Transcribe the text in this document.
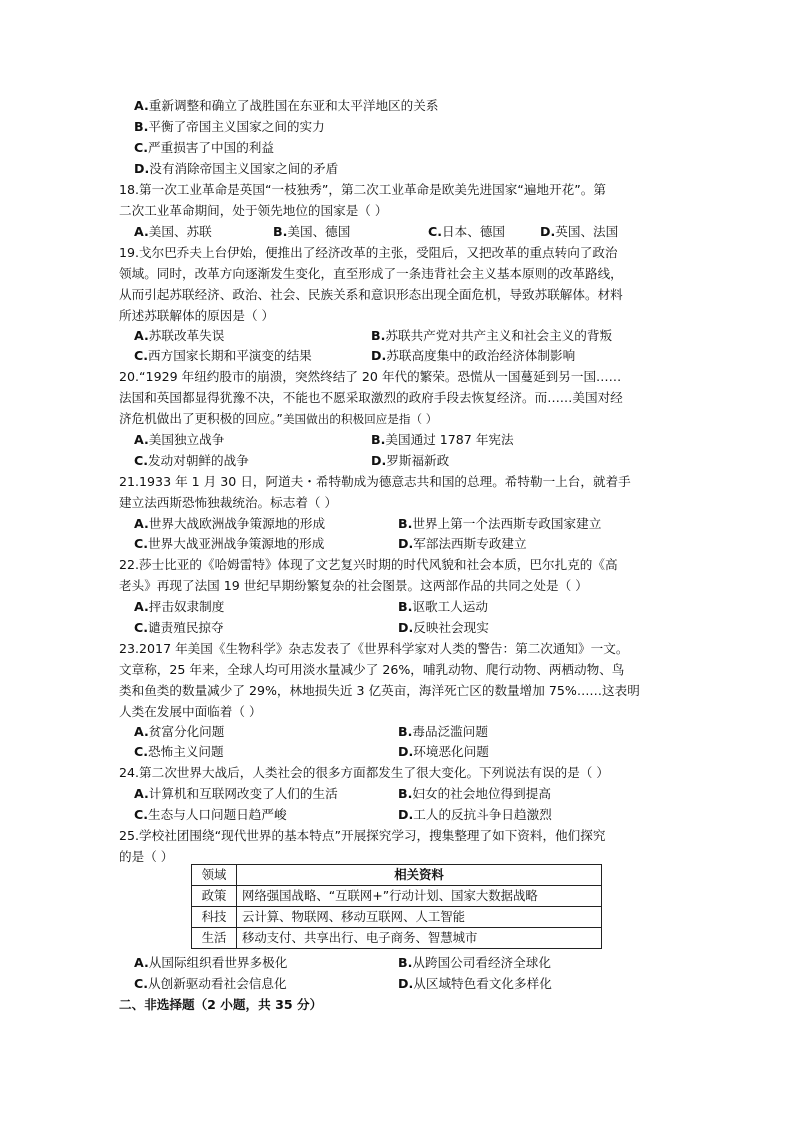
A.重新调整和确立了战胜国在东亚和太平洋地区的关系
B.平衡了帝国主义国家之间的实力
C.严重损害了中国的利益
D.没有消除帝国主义国家之间的矛盾
18.第一次工业革命是英国“一枝独秀”，第二次工业革命是欧美先进国家“遍地开花”。第
二次工业革命期间，处于领先地位的国家是（ ）
A.美国、苏联	B.美国、德国	C.日本、德国	D.英国、法国
19.戈尔巴乔夫上台伊始，便推出了经济改革的主张，受阻后，又把改革的重点转向了政治
领域。同时，改革方向逐渐发生变化，直至形成了一条违背社会主义基本原则的改革路线，
从而引起苏联经济、政治、社会、民族关系和意识形态出现全面危机，导致苏联解体。材料
所述苏联解体的原因是（ ）
A.苏联改革失误	B.苏联共产党对共产主义和社会主义的背叛
C.西方国家长期和平演变的结果	D.苏联高度集中的政治经济体制影响
20.“1929 年纽约股市的崩溃，突然终结了 20 年代的繁荣。恐慌从一国蔓延到另一国……
法国和英国都显得犹豫不决，不能也不愿采取激烈的政府手段去恢复经济。而……美国对经
济危机做出了更积极的回应。”美国做出的积极回应是指（ ）
A.美国独立战争	B.美国通过 1787 年宪法
C.发动对朝鲜的战争	D.罗斯福新政
21.1933 年 1 月 30 日，阿道夫・希特勒成为德意志共和国的总理。希特勒一上台，就着手
建立法西斯恐怖独裁统治。标志着（ ）
A.世界大战欧洲战争策源地的形成	B.世界上第一个法西斯专政国家建立
C.世界大战亚洲战争策源地的形成	D.军部法西斯专政建立
22.莎士比亚的《哈姆雷特》体现了文艺复兴时期的时代风貌和社会本质，巴尔扎克的《高
老头》再现了法国 19 世纪早期纷繁复杂的社会图景。这两部作品的共同之处是（ ）
A.抨击奴隶制度	B.讴歌工人运动
C.谴责殖民掠夺	D.反映社会现实
23.2017 年美国《生物科学》杂志发表了《世界科学家对人类的警告：第二次通知》一文。
文章称，25 年来，全球人均可用淡水量减少了 26%，哺乳动物、爬行动物、两栖动物、鸟
类和鱼类的数量减少了 29%，林地损失近 3 亿英亩，海洋死亡区的数量增加 75%……这表明
人类在发展中面临着（ ）
A.贫富分化问题	B.毒品泛滥问题
C.恐怖主义问题	D.环境恶化问题
24.第二次世界大战后，人类社会的很多方面都发生了很大变化。下列说法有误的是（ ）
A.计算机和互联网改变了人们的生活	B.妇女的社会地位得到提高
C.生态与人口问题日趋严峻	D.工人的反抗斗争日趋激烈
25.学校社团围绕“现代世界的基本特点”开展探究学习，搜集整理了如下资料，他们探究
的是（ ）
领域	相关资料
政策	网络强国战略、“互联网+”行动计划、国家大数据战略
科技	云计算、物联网、移动互联网、人工智能
生活	移动支付、共享出行、电子商务、智慧城市
A.从国际组织看世界多极化	B.从跨国公司看经济全球化
C.从创新驱动看社会信息化	D.从区域特色看文化多样化
二、非选择题（2 小题，共 35 分）
